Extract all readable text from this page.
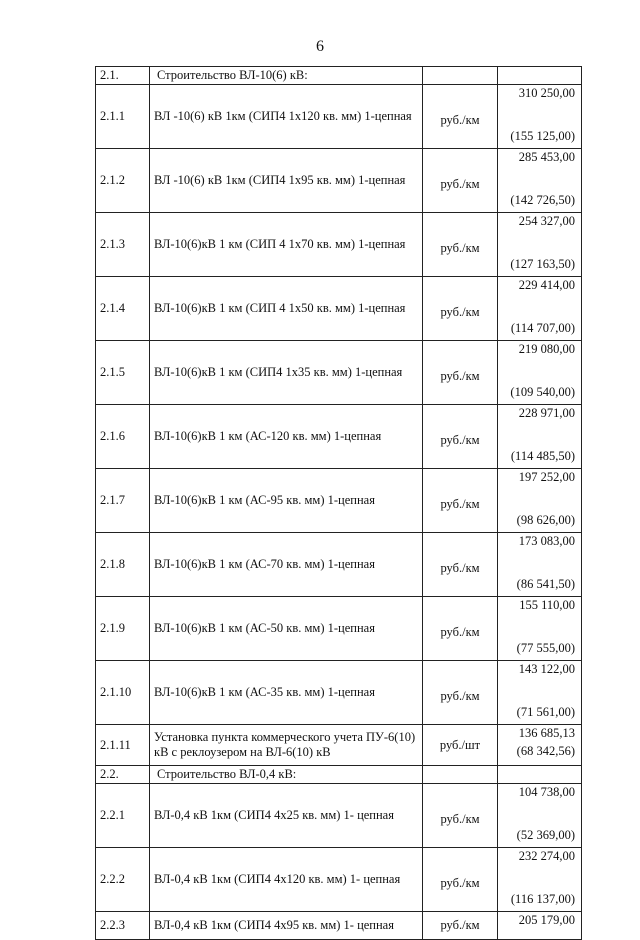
6
2.1.	Строительство ВЛ-10(6) кВ:		
2.1.1	ВЛ -10(6) кВ 1км (СИП4 1х120 кв. мм) 1-цепная	руб./км	310 250,00
(155 125,00)

2.1.2	ВЛ -10(6) кВ 1км (СИП4 1х95 кв. мм) 1-цепная	руб./км	285 453,00
(142 726,50)

2.1.3	ВЛ-10(6)кВ 1 км (СИП 4 1х70 кв. мм) 1-цепная	руб./км	254 327,00
(127 163,50)

2.1.4	ВЛ-10(6)кВ 1 км (СИП 4 1х50 кв. мм) 1-цепная	руб./км	229 414,00
(114 707,00)

2.1.5	ВЛ-10(6)кВ 1 км (СИП4 1х35 кв. мм) 1-цепная	руб./км	219 080,00
(109 540,00)

2.1.6	ВЛ-10(6)кВ 1 км (АС-120 кв. мм) 1-цепная	руб./км	228 971,00
(114 485,50)

2.1.7	ВЛ-10(6)кВ 1 км (АС-95 кв. мм) 1-цепная	руб./км	197 252,00
(98 626,00)

2.1.8	ВЛ-10(6)кВ 1 км (АС-70 кв. мм) 1-цепная	руб./км	173 083,00
(86 541,50)

2.1.9	ВЛ-10(6)кВ 1 км (АС-50 кв. мм) 1-цепная	руб./км	155 110,00
(77 555,00)

2.1.10	ВЛ-10(6)кВ 1 км (АС-35 кв. мм) 1-цепная	руб./км	143 122,00
(71 561,00)

2.1.11	Установка пункта коммерческого учета ПУ-6(10) кВ с реклоузером на ВЛ-6(10) кВ	руб./шт	136 685,13
(68 342,56)

2.2.	Строительство ВЛ-0,4 кВ:		
2.2.1	ВЛ-0,4 кВ 1км (СИП4 4х25 кв. мм) 1- цепная	руб./км	104 738,00
(52 369,00)

2.2.2	ВЛ-0,4 кВ 1км (СИП4 4х120 кв. мм) 1- цепная	руб./км	232 274,00
(116 137,00)

2.2.3	ВЛ-0,4 кВ 1км (СИП4 4х95 кв. мм) 1- цепная	руб./км	205 179,00
